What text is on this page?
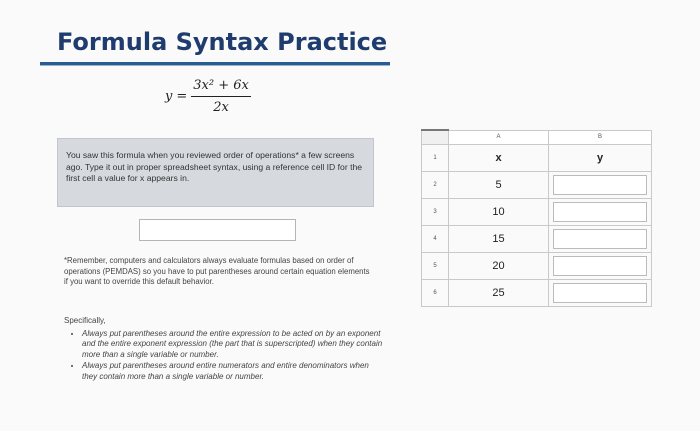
Formula Syntax Practice
$y = \frac{\text{3x² + 6x}}{2x}$
You saw this formula when you reviewed order of operations* a few screens ago. Type it out in proper spreadsheet syntax, using a reference cell ID for the first cell a value for x appears in.
*Remember, computers and calculators always evaluate formulas based on order of operations (PEMDAS) so you have to put parentheses around certain equation elements if you want to override this default behavior.
Specifically,
• Always put parentheses around the entire expression to be acted on by an exponent and the entire exponent expression (the part that is superscripted) when they contain more than a single variable or number.
• Always put parentheses around entire numerators and entire denominators when they contain more than a single variable or number.
	A	B
1	x	y
2	5	

3	10	

4	15	

5	20	

6	25	
